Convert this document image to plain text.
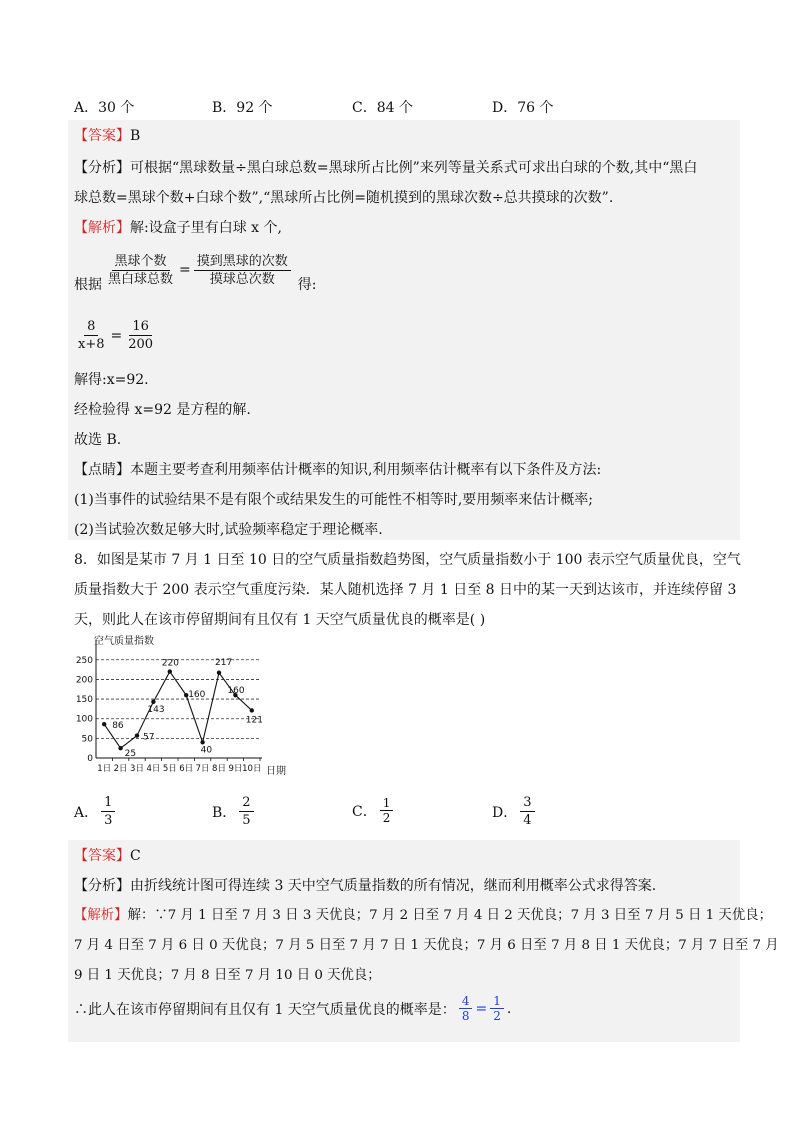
A．30 个	B．92 个	C．84 个	D．76 个
【答案】B
【分析】可根据“黑球数量÷黑白球总数=黑球所占比例”来列等量关系式可求出白球的个数,其中“黑白
球总数=黑球个数+白球个数”,“黑球所占比例=随机摸到的黑球次数÷总共摸球的次数”.
【解析】解:设盒子里有白球 x 个,
根据 $\frac{\text{黑球个数}}{\text{黑白球总数}} = \frac{\text{摸到黑球的次数}}{\text{摸球总次数}}$ 得:
$\frac{8}{x+8} = \frac{16}{200}$
解得:x=92.
经检验得 x=92 是方程的解.
故选 B.
【点睛】本题主要考查利用频率估计概率的知识,利用频率估计概率有以下条件及方法:
(1)当事件的试验结果不是有限个或结果发生的可能性不相等时,要用频率来估计概率;
(2)当试验次数足够大时,试验频率稳定于理论概率.
8．如图是某市 7 月 1 日至 10 日的空气质量指数趋势图，空气质量指数小于 100 表示空气质量优良，空气
质量指数大于 200 表示空气重度污染．某人随机选择 7 月 1 日至 8 日中的某一天到达该市，并连续停留 3
天，则此人在该市停留期间有且仅有 1 天空气质量优良的概率是( )
0
50
100
150
200
250
1日 2日 3日 4日 5日 6日 7日 8日 9日 10日
86
25
57
143
220
160
40
217
160
121
空气质量指数
日期
A． $\frac{1}{3}$	B． $\frac{2}{5}$	C． $\frac{1}{2}$	D． $\frac{3}{4}$
【答案】C
【分析】由折线统计图可得连续 3 天中空气质量指数的所有情况，继而利用概率公式求得答案.
【解析】解：∵7 月 1 日至 7 月 3 日 3 天优良；7 月 2 日至 7 月 4 日 2 天优良；7 月 3 日至 7 月 5 日 1 天优良；
7 月 4 日至 7 月 6 日 0 天优良；7 月 5 日至 7 月 7 日 1 天优良；7 月 6 日至 7 月 8 日 1 天优良；7 月 7 日至 7 月
9 日 1 天优良；7 月 8 日至 7 月 10 日 0 天优良；
∴此人在该市停留期间有且仅有 1 天空气质量优良的概率是： $\frac{4}{8} = \frac{1}{2}$ .
